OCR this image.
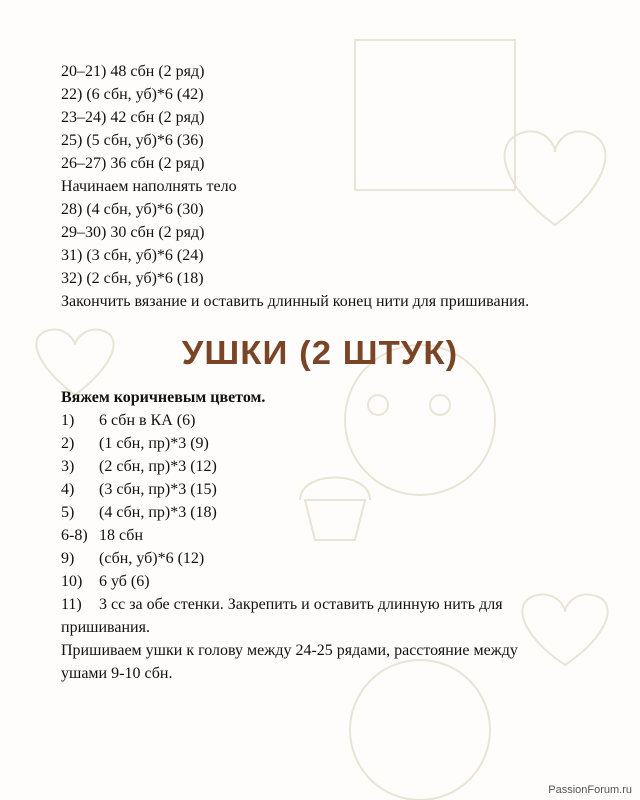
20–21) 48 сбн (2 ряд)
22) (6 сбн, уб)*6 (42)
23–24) 42 сбн (2 ряд)
25) (5 сбн, уб)*6 (36)
26–27) 36 сбн (2 ряд)
Начинаем наполнять тело
28) (4 сбн, уб)*6 (30)
29–30) 30 сбн (2 ряд)
31) (3 сбн, уб)*6 (24)
32) (2 сбн, уб)*6 (18)
Закончить вязание и оставить длинный конец нити для пришивания.
УШКИ (2 ШТУК)
Вяжем коричневым цветом.
1) 6 сбн в КА (6)
2) (1 сбн, пр)*3 (9)
3) (2 сбн, пр)*3 (12)
4) (3 сбн, пр)*3 (15)
5) (4 сбн, пр)*3 (18)
6-8) 18 сбн
9) (сбн, уб)*6 (12)
10) 6 уб (6)
11) 3 сс за обе стенки. Закрепить и оставить длинную нить для
пришивания.
Пришиваем ушки к голову между 24-25 рядами, расстояние между
ушами 9-10 сбн.
PassionForum.ru
